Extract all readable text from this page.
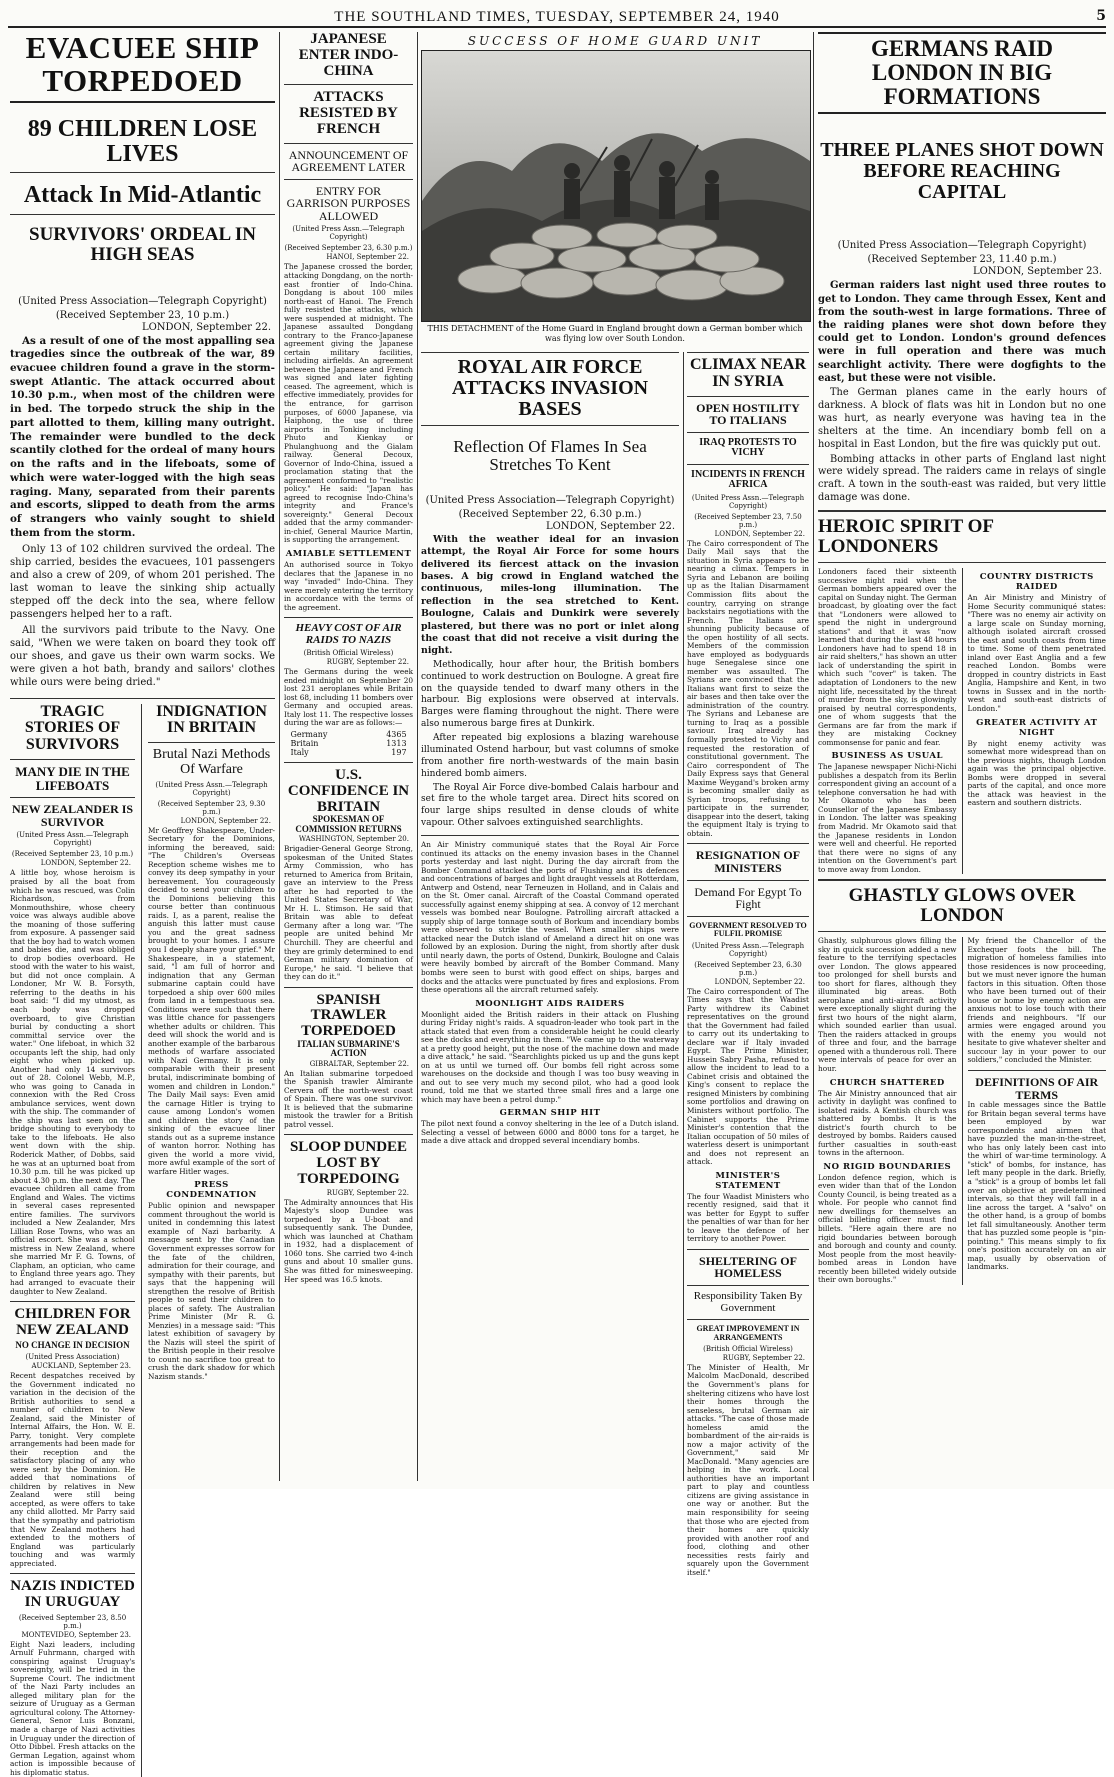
THE SOUTHLAND TIMES, TUESDAY, SEPTEMBER 24, 1940	5
EVACUEE SHIP TORPEDOED
89 CHILDREN LOSE LIVES
Attack In Mid-Atlantic
SURVIVORS' ORDEAL IN HIGH SEAS
(United Press Association—Telegraph Copyright)
(Received September 23, 10 p.m.)
LONDON, September 22.

As a result of one of the most appalling sea tragedies since the outbreak of the war, 89 evacuee children found a grave in the storm-swept Atlantic. The attack occurred about 10.30 p.m., when most of the children were in bed. The torpedo struck the ship in the part allotted to them, killing many outright. The remainder were bundled to the deck scantily clothed for the ordeal of many hours on the rafts and in the lifeboats, some of which were water-logged with the high seas raging. Many, separated from their parents and escorts, slipped to death from the arms of strangers who vainly sought to shield them from the storm.

Only 13 of 102 children survived the ordeal. The ship carried, besides the evacuees, 101 passengers and also a crew of 209, of whom 201 perished. The last woman to leave the sinking ship actually stepped off the deck into the sea, where fellow passengers helped her to a raft.

All the survivors paid tribute to the Navy. One said, "When we were taken on board they took off our shoes, and gave us their own warm socks. We were given a hot bath, brandy and sailors' clothes while ours were being dried."

TRAGIC STORIES OF SURVIVORS
MANY DIE IN THE LIFEBOATS
NEW ZEALANDER IS SURVIVOR
(United Press Assn.—Telegraph Copyright)
(Received September 23, 10 p.m.)
LONDON, September 22.
A little boy, whose heroism is praised by all the boat from which he was rescued, was Colin Richardson, from Monmouthshire, whose cheery voice was always audible above the moaning of those suffering from exposure. A passenger said that the boy had to watch women and babies die, and was obliged to drop bodies overboard. He stood with the water to his waist, but did not once complain. A Londoner, Mr W. B. Forsyth, referring to the deaths in his boat said: "I did my utmost, as each body was dropped overboard, to give Christian burial by conducting a short committal service over the water." One lifeboat, in which 32 occupants left the ship, had only eight who when picked up. Another had only 14 survivors out of 28. Colonel Webb, M.P., who was going to Canada in connexion with the Red Cross ambulance services, went down with the ship. The commander of the ship was last seen on the bridge shouting to everybody to take to the lifeboats. He also went down with the ship. Roderick Mather, of Dobbs, said he was at an upturned boat from 10.30 p.m. till he was picked up about 4.30 p.m. the next day. The evacuee children all came from England and Wales. The victims in several cases represented entire families. The survivors included a New Zealander, Mrs Lillian Rose Towns, who was an official escort. She was a school mistress in New Zealand, where she married Mr F. G. Towns, of Clapham, an optician, who came to England three years ago. They had arranged to evacuate their daughter to New Zealand.
CHILDREN FOR NEW ZEALAND
NO CHANGE IN DECISION
(United Press Association)
AUCKLAND, September 23.
Recent despatches received by the Government indicated no variation in the decision of the British authorities to send a number of children to New Zealand, said the Minister of Internal Affairs, the Hon. W. E. Parry, tonight. Very complete arrangements had been made for their reception and the satisfactory placing of any who were sent by the Dominion. He added that nominations of children by relatives in New Zealand were still being accepted, as were offers to take any child allotted. Mr Parry said that the sympathy and patriotism that New Zealand mothers had extended to the mothers of England was particularly touching and was warmly appreciated.
NAZIS INDICTED IN URUGUAY
(Received September 23, 8.50 p.m.)
MONTEVIDEO, September 23.
Eight Nazi leaders, including Arnulf Fuhrmann, charged with conspiring against Uruguay's sovereignty, will be tried in the Supreme Court. The indictment of the Nazi Party includes an alleged military plan for the seizure of Uruguay as a German agricultural colony. The Attorney-General, Senor Luis Bonzani, made a charge of Nazi activities in Uruguay under the direction of Otto Dibbel. Fresh attacks on the German Legation, against whom action is impossible because of his diplomatic status.
INDIGNATION IN BRITAIN
Brutal Nazi Methods Of Warfare
(United Press Assn.—Telegraph Copyright)
(Received September 23, 9.30 p.m.)
LONDON, September 22.
Mr Geoffrey Shakespeare, Under-Secretary for the Dominions, informing the bereaved, said: "The Children's Overseas Reception scheme wishes me to convey its deep sympathy in your bereavement. You courageously decided to send your children to the Dominions believing this course better than continuous raids. I, as a parent, realise the anguish this latter must cause you and the great sadness brought to your homes. I assure you I deeply share your grief." Mr Shakespeare, in a statement, said, "I am full of horror and indignation that any German submarine captain could have torpedoed a ship over 600 miles from land in a tempestuous sea. Conditions were such that there was little chance for passengers whether adults or children. This deed will shock the world and is another example of the barbarous methods of warfare associated with Nazi Germany. It is only comparable with their present brutal, indiscriminate bombing of women and children in London." The Daily Mail says: Even amid the carnage Hitler is trying to cause among London's women and children the story of the sinking of the evacuee liner stands out as a supreme instance of wanton horror. Nothing has given the world a more vivid, more awful example of the sort of warfare Hitler wages.
PRESS CONDEMNATION
Public opinion and newspaper comment throughout the world is united in condemning this latest example of Nazi barbarity. A message sent by the Canadian Government expresses sorrow for the fate of the children, admiration for their courage, and sympathy with their parents, but says that the happening will strengthen the resolve of British people to send their children to places of safety. The Australian Prime Minister (Mr R. G. Menzies) in a message said: "This latest exhibition of savagery by the Nazis will steel the spirit of the British people in their resolve to count no sacrifice too great to crush the dark shadow for which Nazism stands."
JAPANESE ENTER INDO-CHINA
ATTACKS RESISTED BY FRENCH
ANNOUNCEMENT OF AGREEMENT LATER
ENTRY FOR GARRISON PURPOSES ALLOWED
(United Press Assn.—Telegraph Copyright)
(Received September 23, 6.30 p.m.)
HANOI, September 22.
The Japanese crossed the border, attacking Dongdang, on the north-east frontier of Indo-China. Dongdang is about 100 miles north-east of Hanoi. The French fully resisted the attacks, which were suspended at midnight. The Japanese assaulted Dongdang contrary to the Franco-Japanese agreement giving the Japanese certain military facilities, including airfields. An agreement between the Japanese and French was signed and later fighting ceased. The agreement, which is effective immediately, provides for the entrance, for garrison purposes, of 6000 Japanese, via Haiphong, the use of three airports in Tonking including Phuto and Kienkay or Phulanghuong and the Gialam railway. General Decoux, Governor of Indo-China, issued a proclamation stating that the agreement conformed to "realistic policy." He said: "Japan has agreed to recognise Indo-China's integrity and France's sovereignty." General Decoux added that the army commander-in-chief, General Maurice Martin, is supporting the arrangement.
AMIABLE SETTLEMENT
An authorised source in Tokyo declares that the Japanese in no way "invaded" Indo-China. They were merely entering the territory in accordance with the terms of the agreement.
HEAVY COST OF AIR RAIDS TO NAZIS
(British Official Wireless)
RUGBY, September 22.
The Germans during the week ended midnight on September 20 lost 231 aeroplanes while Britain lost 68, including 11 bombers over Germany and occupied areas. Italy lost 11. The respective losses during the war are as follows:—
Germany	4365
Britain	1313
Italy	197
U.S. CONFIDENCE IN BRITAIN
SPOKESMAN OF COMMISSION RETURNS
WASHINGTON, September 20.
Brigadier-General George Strong, spokesman of the United States Army Commission, who has returned to America from Britain, gave an interview to the Press after he had reported to the United States Secretary of War, Mr H. L. Stimson. He said that Britain was able to defeat Germany after a long war. "The people are united behind Mr Churchill. They are cheerful and they are grimly determined to end German military domination of Europe," he said. "I believe that they can do it."
SPANISH TRAWLER TORPEDOED
ITALIAN SUBMARINE'S ACTION
GIBRALTAR, September 22.
An Italian submarine torpedoed the Spanish trawler Almirante Cervera off the north-west coast of Spain. There was one survivor. It is believed that the submarine mistook the trawler for a British patrol vessel.
SLOOP DUNDEE LOST BY TORPEDOING
RUGBY, September 22.
The Admiralty announces that His Majesty's sloop Dundee was torpedoed by a U-boat and subsequently sank. The Dundee, which was launched at Chatham in 1932, had a displacement of 1060 tons. She carried two 4-inch guns and about 10 smaller guns. She was fitted for minesweeping. Her speed was 16.5 knots.
SUCCESS OF HOME GUARD UNIT
THIS DETACHMENT of the Home Guard in England brought down a German bomber which was flying low over South London.
ROYAL AIR FORCE ATTACKS INVASION BASES
Reflection Of Flames In Sea Stretches To Kent
(United Press Association—Telegraph Copyright)
(Received September 22, 6.30 p.m.)
LONDON, September 22.

With the weather ideal for an invasion attempt, the Royal Air Force for some hours delivered its fiercest attack on the invasion bases. A big crowd in England watched the continuous, miles-long illumination. The reflection in the sea stretched to Kent. Boulogne, Calais and Dunkirk were severely plastered, but there was no port or inlet along the coast that did not receive a visit during the night.

Methodically, hour after hour, the British bombers continued to work destruction on Boulogne. A great fire on the quayside tended to dwarf many others in the harbour. Big explosions were observed at intervals. Barges were flaming throughout the night. There were also numerous barge fires at Dunkirk.

After repeated big explosions a blazing warehouse illuminated Ostend harbour, but vast columns of smoke from another fire north-westwards of the main basin hindered bomb aimers.

The Royal Air Force dive-bombed Calais harbour and set fire to the whole target area. Direct hits scored on four large ships resulted in dense clouds of white vapour. Other salvoes extinguished searchlights.

An Air Ministry communiqué states that the Royal Air Force continued its attacks on the enemy invasion bases in the Channel ports yesterday and last night. During the day aircraft from the Bomber Command attacked the ports of Flushing and its defences and concentrations of barges and light draught vessels at Rotterdam, Antwerp and Ostend, near Terneuzen in Holland, and in Calais and on the St. Omer canal. Aircraft of the Coastal Command operated successfully against enemy shipping at sea. A convoy of 12 merchant vessels was bombed near Boulogne. Patrolling aircraft attacked a supply ship of large tonnage south of Borkum and incendiary bombs were observed to strike the vessel. When smaller ships were attacked near the Dutch island of Ameland a direct hit on one was followed by an explosion. During the night, from shortly after dusk until nearly dawn, the ports of Ostend, Dunkirk, Boulogne and Calais were heavily bombed by aircraft of the Bomber Command. Many bombs were seen to burst with good effect on ships, barges and docks and the attacks were punctuated by fires and explosions. From these operations all the aircraft returned safely.
MOONLIGHT AIDS RAIDERS
Moonlight aided the British raiders in their attack on Flushing during Friday night's raids. A squadron-leader who took part in the attack stated that even from a considerable height he could clearly see the docks and everything in them. "We came up to the waterway at a pretty good height, put the nose of the machine down and made a dive attack," he said. "Searchlights picked us up and the guns kept on at us until we turned off. Our bombs fell right across some warehouses on the dockside and though I was too busy weaving in and out to see very much my second pilot, who had a good look round, told me that we started three small fires and a large one which may have been a petrol dump."
GERMAN SHIP HIT
The pilot next found a convoy sheltering in the lee of a Dutch island. Selecting a vessel of between 6000 and 8000 tons for a target, he made a dive attack and dropped several incendiary bombs.
CLIMAX NEAR IN SYRIA
OPEN HOSTILITY TO ITALIANS
IRAQ PROTESTS TO VICHY
INCIDENTS IN FRENCH AFRICA
(United Press Assn.—Telegraph Copyright)
(Received September 23, 7.50 p.m.)
LONDON, September 22.
The Cairo correspondent of The Daily Mail says that the situation in Syria appears to be nearing a climax. Tempers in Syria and Lebanon are boiling up as the Italian Disarmament Commission flits about the country, carrying on strange backstairs negotiations with the French. The Italians are shunning publicity because of the open hostility of all sects. Members of the commission have employed as bodyguards huge Senegalese since one member was assaulted. The Syrians are convinced that the Italians want first to seize the air bases and then take over the administration of the country. The Syrians and Lebanese are turning to Iraq as a possible saviour. Iraq already has formally protested to Vichy and requested the restoration of constitutional government. The Cairo correspondent of The Daily Express says that General Maxime Weygand's broken army is becoming smaller daily as Syrian troops, refusing to participate in the surrender, disappear into the desert, taking the equipment Italy is trying to obtain.
RESIGNATION OF MINISTERS
Demand For Egypt To Fight
GOVERNMENT RESOLVED TO FULFIL PROMISE
(United Press Assn.—Telegraph Copyright)
(Received September 23, 6.30 p.m.)
LONDON, September 22.
The Cairo correspondent of The Times says that the Waadist Party withdrew its Cabinet representatives on the ground that the Government had failed to carry out its undertaking to declare war if Italy invaded Egypt. The Prime Minister, Hussein Sabry Pasha, refused to allow the incident to lead to a Cabinet crisis and obtained the King's consent to replace the resigned Ministers by combining some portfolios and drawing on Ministers without portfolio. The Cabinet supports the Prime Minister's contention that the Italian occupation of 50 miles of waterless desert is unimportant and does not represent an attack.
MINISTER'S STATEMENT
The four Waadist Ministers who recently resigned, said that it was better for Egypt to suffer the penalties of war than for her to leave the defence of her territory to another Power.
SHELTERING OF HOMELESS
Responsibility Taken By Government
GREAT IMPROVEMENT IN ARRANGEMENTS
(British Official Wireless)
RUGBY, September 22.
The Minister of Health, Mr Malcolm MacDonald, described the Government's plans for sheltering citizens who have lost their homes through the senseless, brutal German air attacks. "The case of those made homeless amid the bombardment of the air-raids is now a major activity of the Government," said Mr MacDonald. "Many agencies are helping in the work. Local authorities have an important part to play and countless citizens are giving assistance in one way or another. But the main responsibility for seeing that those who are ejected from their homes are quickly provided with another roof and food, clothing and other necessities rests fairly and squarely upon the Government itself."
GERMANS RAID LONDON IN BIG FORMATIONS
THREE PLANES SHOT DOWN BEFORE REACHING CAPITAL
(United Press Association—Telegraph Copyright)
(Received September 23, 11.40 p.m.)
LONDON, September 23.

German raiders last night used three routes to get to London. They came through Essex, Kent and from the south-west in large formations. Three of the raiding planes were shot down before they could get to London. London's ground defences were in full operation and there was much searchlight activity. There were dogfights to the east, but these were not visible.

The German planes came in the early hours of darkness. A block of flats was hit in London but no one was hurt, as nearly everyone was having tea in the shelters at the time. An incendiary bomb fell on a hospital in East London, but the fire was quickly put out.

Bombing attacks in other parts of England last night were widely spread. The raiders came in relays of single craft. A town in the south-east was raided, but very little damage was done.

HEROIC SPIRIT OF LONDONERS
Londoners faced their sixteenth successive night raid when the German bombers appeared over the capital on Sunday night. The German broadcast, by gloating over the fact that "Londoners were allowed to spend the night in underground stations" and that it was "now learned that during the last 48 hours Londoners have had to spend 18 in air raid shelters," has shown an utter lack of understanding the spirit in which such "cover" is taken. The adaptation of Londoners to the new night life, necessitated by the threat of murder from the sky, is glowingly praised by neutral correspondents, one of whom suggests that the Germans are far from the mark if they are mistaking Cockney commonsense for panic and fear.
BUSINESS AS USUAL
The Japanese newspaper Nichi-Nichi publishes a despatch from its Berlin correspondent giving an account of a telephone conversation he had with Mr Okamoto who has been Counsellor of the Japanese Embassy in London. The latter was speaking from Madrid. Mr Okamoto said that the Japanese residents in London were well and cheerful. He reported that there were no signs of any intention on the Government's part to move away from London.
COUNTRY DISTRICTS RAIDED
An Air Ministry and Ministry of Home Security communiqué states: "There was no enemy air activity on a large scale on Sunday morning, although isolated aircraft crossed the east and south coasts from time to time. Some of them penetrated inland over East Anglia and a few reached London. Bombs were dropped in country districts in East Anglia, Hampshire and Kent, in two towns in Sussex and in the north-west and south-east districts of London."
GREATER ACTIVITY AT NIGHT
By night enemy activity was somewhat more widespread than on the previous nights, though London again was the principal objective. Bombs were dropped in several parts of the capital, and once more the attack was heaviest in the eastern and southern districts.
GHASTLY GLOWS OVER LONDON
Ghastly, sulphurous glows filling the sky in quick succession added a new feature to the terrifying spectacles over London. The glows appeared too prolonged for shell bursts and too short for flares, although they illuminated big areas. Both aeroplane and anti-aircraft activity were exceptionally slight during the first two hours of the night alarm, which sounded earlier than usual. Then the raiders attacked in groups of three and four, and the barrage opened with a thunderous roll. There were intervals of peace for over an hour.
CHURCH SHATTERED
The Air Ministry announced that air activity in daylight was confined to isolated raids. A Kentish church was shattered by bombs. It is the district's fourth church to be destroyed by bombs. Raiders caused further casualties in south-east towns in the afternoon.
NO RIGID BOUNDARIES
London defence region, which is even wider than that of the London County Council, is being treated as a whole. For people who cannot find new dwellings for themselves an official billeting officer must find billets. "Here again there are no rigid boundaries between borough and borough and county and county. Most people from the most heavily-bombed areas in London have recently been billeted widely outside their own boroughs."
My friend the Chancellor of the Exchequer foots the bill. The migration of homeless families into those residences is now proceeding, but we must never ignore the human factors in this situation. Often those who have been turned out of their house or home by enemy action are anxious not to lose touch with their friends and neighbours. "If our armies were engaged around you with the enemy you would not hesitate to give whatever shelter and succour lay in your power to our soldiers," concluded the Minister.
DEFINITIONS OF AIR TERMS
In cable messages since the Battle for Britain began several terms have been employed by war correspondents and airmen that have puzzled the man-in-the-street, who has only lately been cast into the whirl of war-time terminology. A "stick" of bombs, for instance, has left many people in the dark. Briefly, a "stick" is a group of bombs let fall over an objective at predetermined intervals, so that they will fall in a line across the target. A "salvo" on the other hand, is a group of bombs let fall simultaneously. Another term that has puzzled some people is "pin-pointing." This means simply to fix one's position accurately on an air map, usually by observation of landmarks.
